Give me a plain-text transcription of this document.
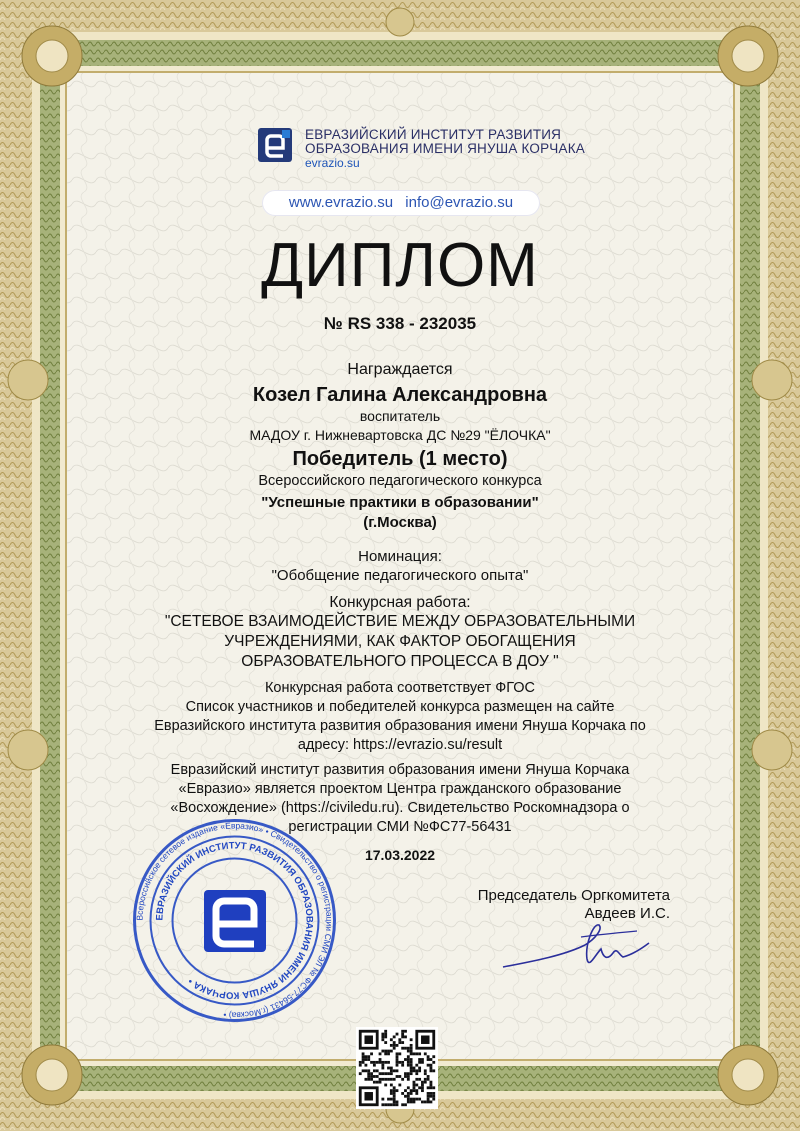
ЕВРАЗИЙСКИЙ ИНСТИТУТ РАЗВИТИЯ
ОБРАЗОВАНИЯ ИМЕНИ ЯНУША КОРЧАКА
evrazio.su
www.evrazio.su info@evrazio.su
ДИПЛОМ
№ RS 338 - 232035
Награждается
Козел Галина Александровна
воспитатель
МАДОУ г. Нижневартовска ДС №29 "ЁЛОЧКА"
Победитель (1 место)
Всероссийского педагогического конкурса
"Успешные практики в образовании"
(г.Москва)
Номинация:
"Обобщение педагогического опыта"
Конкурсная работа:
"СЕТЕВОЕ ВЗАИМОДЕЙСТВИЕ МЕЖДУ ОБРАЗОВАТЕЛЬНЫМИ
УЧРЕЖДЕНИЯМИ, КАК ФАКТОР ОБОГАЩЕНИЯ
ОБРАЗОВАТЕЛЬНОГО ПРОЦЕССА В ДОУ "
Конкурсная работа соответствует ФГОС
Список участников и победителей конкурса размещен на сайте
Евразийского института развития образования имени Януша Корчака по
адресу: https://evrazio.su/result
Евразийский институт развития образования имени Януша Корчака
«Евразио» является проектом Центра гражданского образование
«Восхождение» (https://civiledu.ru). Свидетельство Роскомнадзора о
регистрации СМИ №ФС77-56431
17.03.2022
Всероссийское сетевое издание «Евразио» • Свидетельство о регистрации СМИ ЭЛ № ФС77-56431 (г.Москва) •
ЕВРАЗИЙСКИЙ ИНСТИТУТ РАЗВИТИЯ ОБРАЗОВАНИЯ ИМЕНИ ЯНУША КОРЧАКА •
Председатель Оргкомитета
Авдеев И.С.
